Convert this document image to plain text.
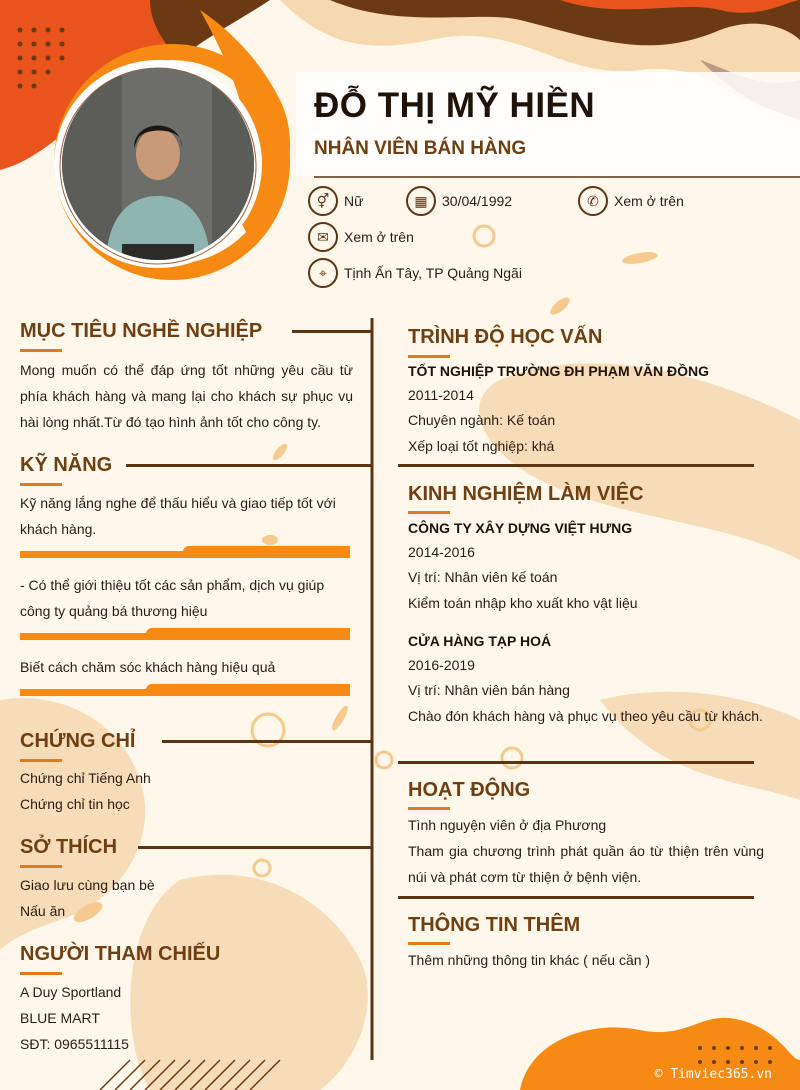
ĐỖ THỊ MỸ HIỀN
NHÂN VIÊN BÁN HÀNG
⚥	Nữ	▦	30/04/1992	✆	Xem ở trên
✉	Xem ở trên
⌖	Tịnh Ấn Tây, TP Quảng Ngãi
MỤC TIÊU NGHỀ NGHIỆP
Mong muốn có thể đáp ứng tốt những yêu cầu từ phía khách hàng và mang lại cho khách sự phục vụ hài lòng nhất.Từ đó tạo hình ảnh tốt cho công ty.
KỸ NĂNG
Kỹ năng lắng nghe để thấu hiểu và giao tiếp tốt với khách hàng.
- Có thể giới thiệu tốt các sản phẩm, dịch vụ giúp công ty quảng bá thương hiệu
Biết cách chăm sóc khách hàng hiệu quả
CHỨNG CHỈ
Chứng chỉ Tiếng Anh
Chứng chỉ tin học
SỞ THÍCH
Giao lưu cùng bạn bè
Nấu ăn
NGƯỜI THAM CHIẾU
A Duy Sportland
BLUE MART
SĐT: 0965511115
TRÌNH ĐỘ HỌC VẤN
TỐT NGHIỆP TRƯỜNG ĐH PHẠM VĂN ĐỒNG
2011-2014
Chuyên ngành: Kế toán
Xếp loại tốt nghiệp: khá
KINH NGHIỆM LÀM VIỆC
CÔNG TY XÂY DỰNG VIỆT HƯNG
2014-2016
Vị trí: Nhân viên kế toán
Kiểm toán nhập kho xuất kho vật liệu
CỬA HÀNG TẠP HOÁ
2016-2019
Vị trí: Nhân viên bán hàng
Chào đón khách hàng và phục vụ theo yêu cầu từ khách.
HOẠT ĐỘNG
Tình nguyện viên ở địa Phương
Tham gia chương trình phát quần áo từ thiện trên vùng núi và phát cơm từ thiện ở bệnh viện.
THÔNG TIN THÊM
Thêm những thông tin khác ( nếu cần )
© Timviec365.vn
